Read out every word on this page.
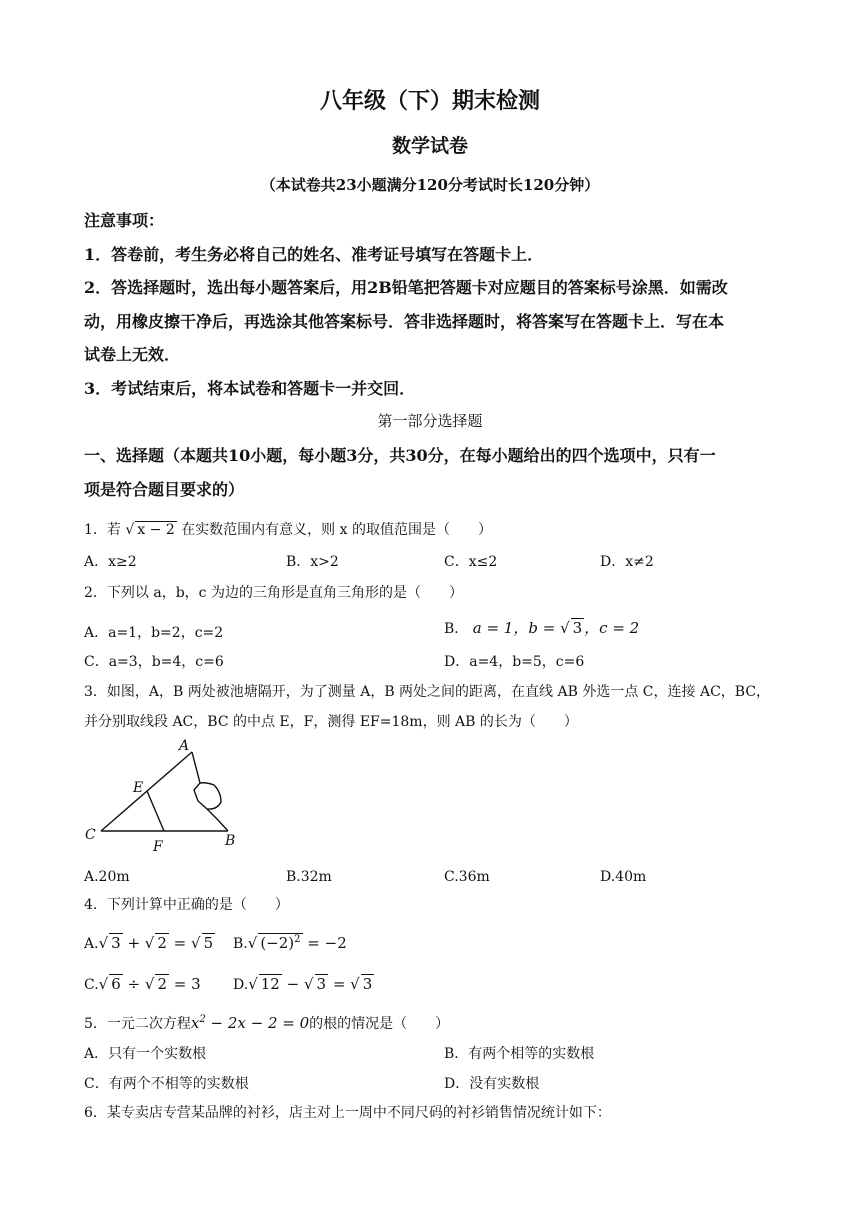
八年级（下）期末检测
数学试卷
（本试卷共23小题满分120分考试时长120分钟）
注意事项：
1．答卷前，考生务必将自己的姓名、准考证号填写在答题卡上．
2．答选择题时，选出每小题答案后，用2B铅笔把答题卡对应题目的答案标号涂黑．如需改
动，用橡皮擦干净后，再选涂其他答案标号．答非选择题时，将答案写在答题卡上．写在本
试卷上无效．
3．考试结束后，将本试卷和答题卡一并交回．
第一部分选择题
一、选择题（本题共10小题，每小题3分，共30分，在每小题给出的四个选项中，只有一
项是符合题目要求的）
1．若 √ x − 2 在实数范围内有意义，则 x 的取值范围是（　　）
A．x≥2	B．x>2	C．x≤2	D．x≠2
2．下列以 a，b，c 为边的三角形是直角三角形的是（　　）
A．a=1，b=2，c=2	B． a = 1，b = √ 3 ，c = 2
C．a=3，b=4，c=6	D．a=4，b=5，c=6
3．如图，A，B 两处被池塘隔开，为了测量 A，B 两处之间的距离，在直线 AB 外选一点 C，连接 AC，BC，
并分别取线段 AC，BC 的中点 E，F，测得 EF=18m，则 AB 的长为（　　）
A
B
C
E
F
A.20m	B.32m	C.36m	D.40m
4．下列计算中正确的是（　　）
A.√ 3 + √ 2 = √ 5 B.√ $(-2)^2 = -2$
C.√ 6 ÷ √ 2 = 3 D.√ 12 − √ 3 = √ 3
5．一元二次方程$x^2 - 2x - 2 = 0$的根的情况是（　　）
A．只有一个实数根	B．有两个相等的实数根
C．有两个不相等的实数根	D．没有实数根
6．某专卖店专营某品牌的衬衫，店主对上一周中不同尺码的衬衫销售情况统计如下：
